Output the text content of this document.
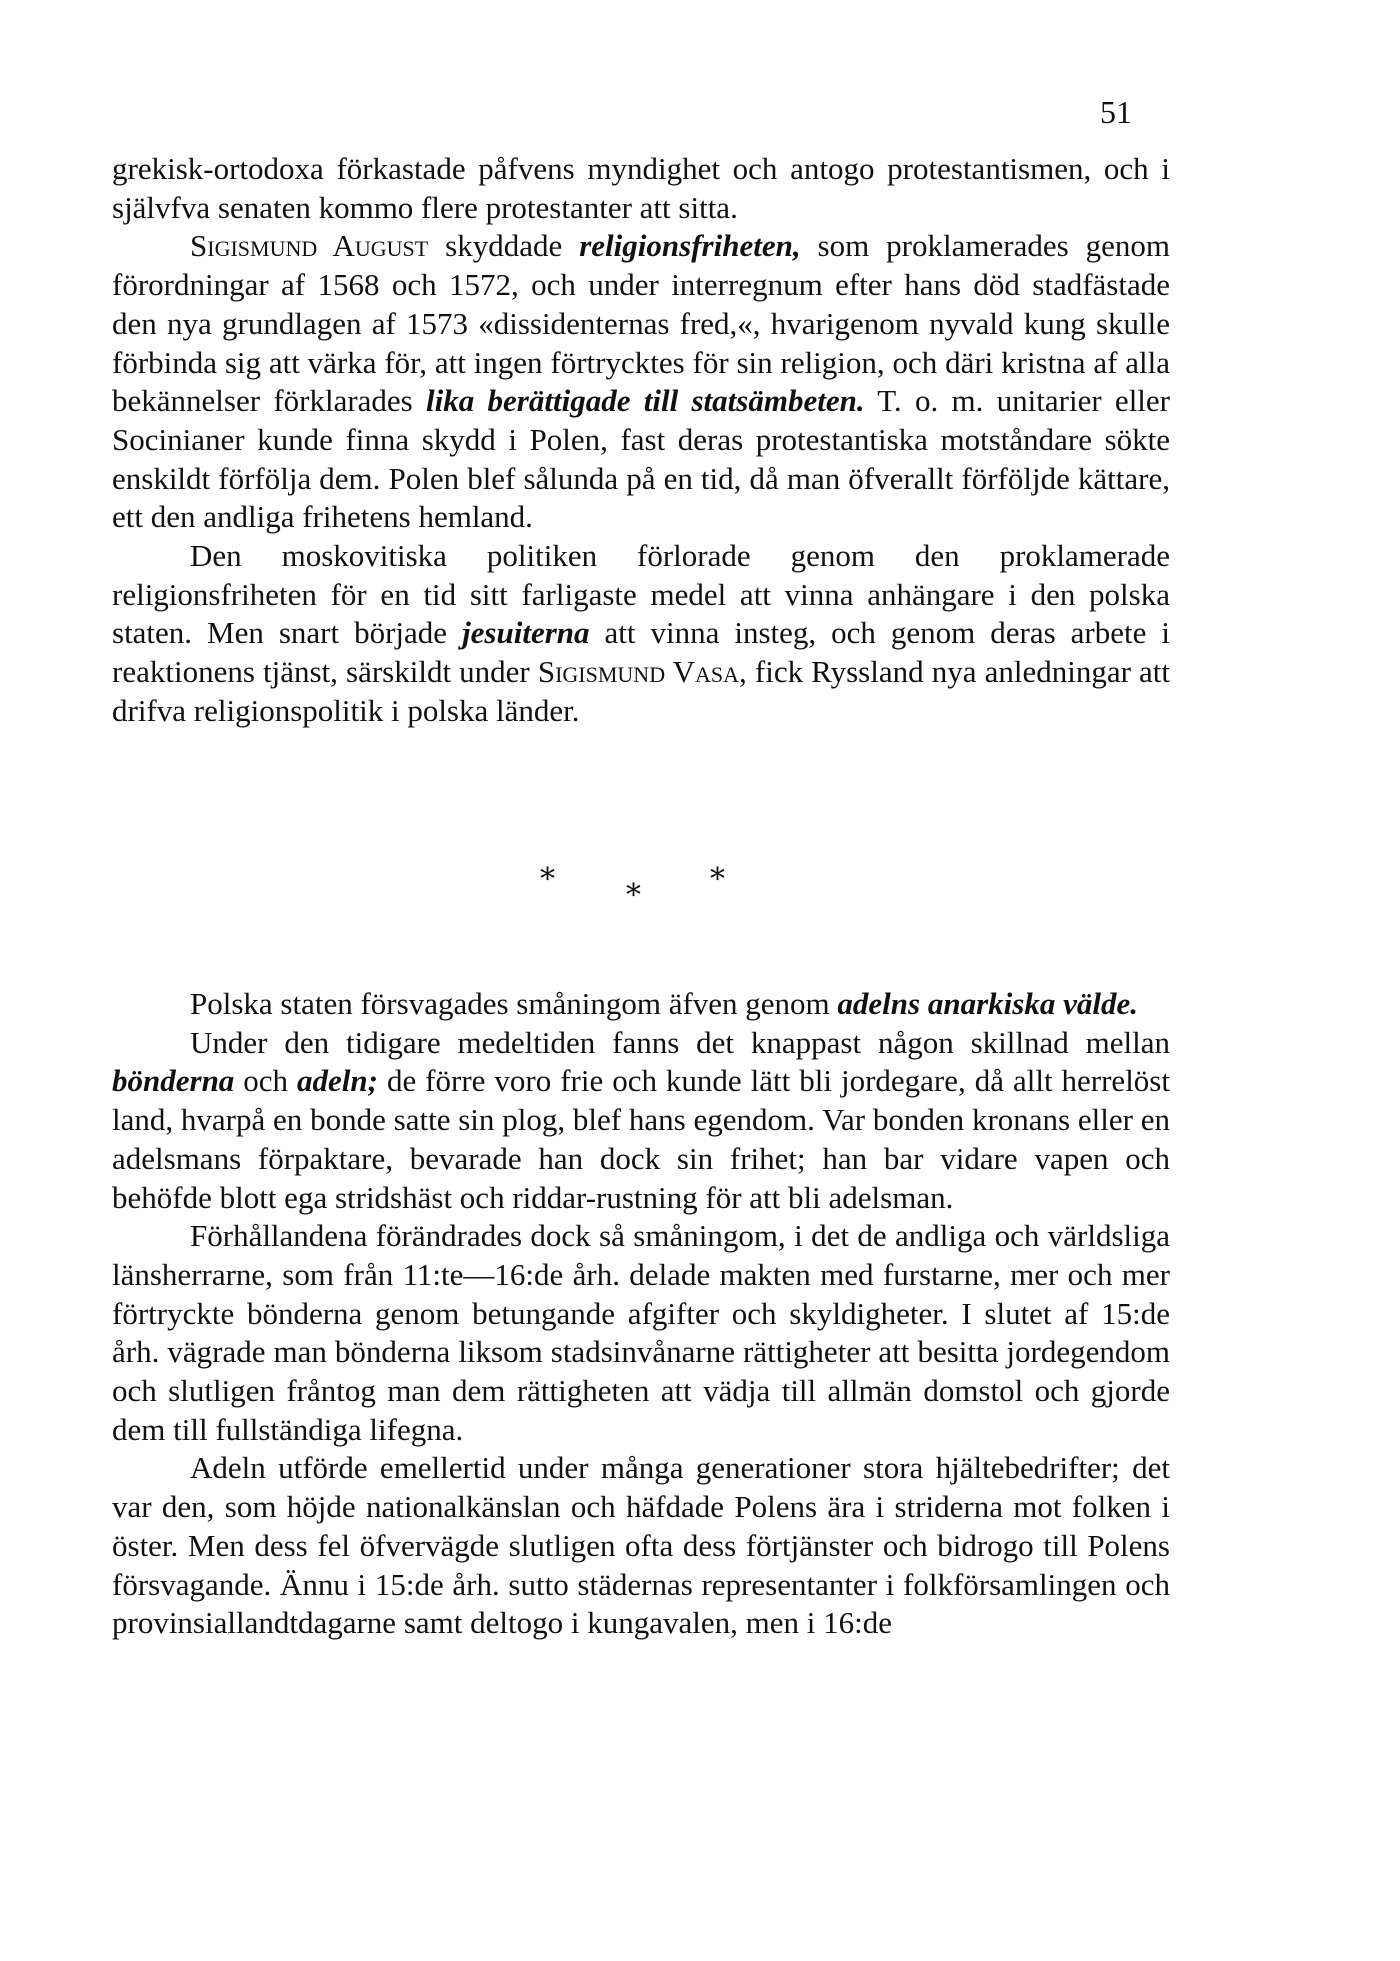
51

grekisk-ortodoxa förkastade påfvens myndighet och antogo protestantismen, och i självfva senaten kommo flere protestanter att sitta.

Sigismund August skyddade religionsfriheten, som proklamerades genom förordningar af 1568 och 1572, och under interregnum efter hans död stadfästade den nya grundlagen af 1573 «dissidenternas fred,«, hvarigenom nyvald kung skulle förbinda sig att värka för, att ingen förtrycktes för sin religion, och däri kristna af alla bekännelser förklarades lika berättigade till statsämbeten. T. o. m. unitarier eller Socinianer kunde finna skydd i Polen, fast deras protestantiska motståndare sökte enskildt förfölja dem. Polen blef sålunda på en tid, då man öfverallt förföljde kättare, ett den andliga frihetens hemland.

Den moskovitiska politiken förlorade genom den proklamerade religionsfriheten för en tid sitt farligaste medel att vinna anhängare i den polska staten. Men snart började jesuiterna att vinna insteg, och genom deras arbete i reaktionens tjänst, särskildt under Sigismund Vasa, fick Ryssland nya anledningar att drifva religionspolitik i polska länder.

* * *

Polska staten försvagades småningom äfven genom adelns anarkiska välde.

Under den tidigare medeltiden fanns det knappast någon skillnad mellan bönderna och adeln; de förre voro frie och kunde lätt bli jordegare, då allt herrelöst land, hvarpå en bonde satte sin plog, blef hans egendom. Var bonden kronans eller en adelsmans förpaktare, bevarade han dock sin frihet; han bar vidare vapen och behöfde blott ega stridshäst och riddar-rustning för att bli adelsman.

Förhållandena förändrades dock så småningom, i det de andliga och världsliga länsherrarne, som från 11:te—16:de årh. delade makten med furstarne, mer och mer förtryckte bönderna genom betungande afgifter och skyldigheter. I slutet af 15:de årh. vägrade man bönderna liksom stadsinvånarne rättigheter att besitta jordegendom och slutligen fråntog man dem rättigheten att vädja till allmän domstol och gjorde dem till fullständiga lifegna.

Adeln utförde emellertid under många generationer stora hjältebedrifter; det var den, som höjde nationalkänslan och häfdade Polens ära i striderna mot folken i öster. Men dess fel öfvervägde slutligen ofta dess förtjänster och bidrogo till Polens försvagande. Ännu i 15:de årh. sutto städernas representanter i folkförsamlingen och provinsiallandtdagarne samt deltogo i kungavalen, men i 16:de
